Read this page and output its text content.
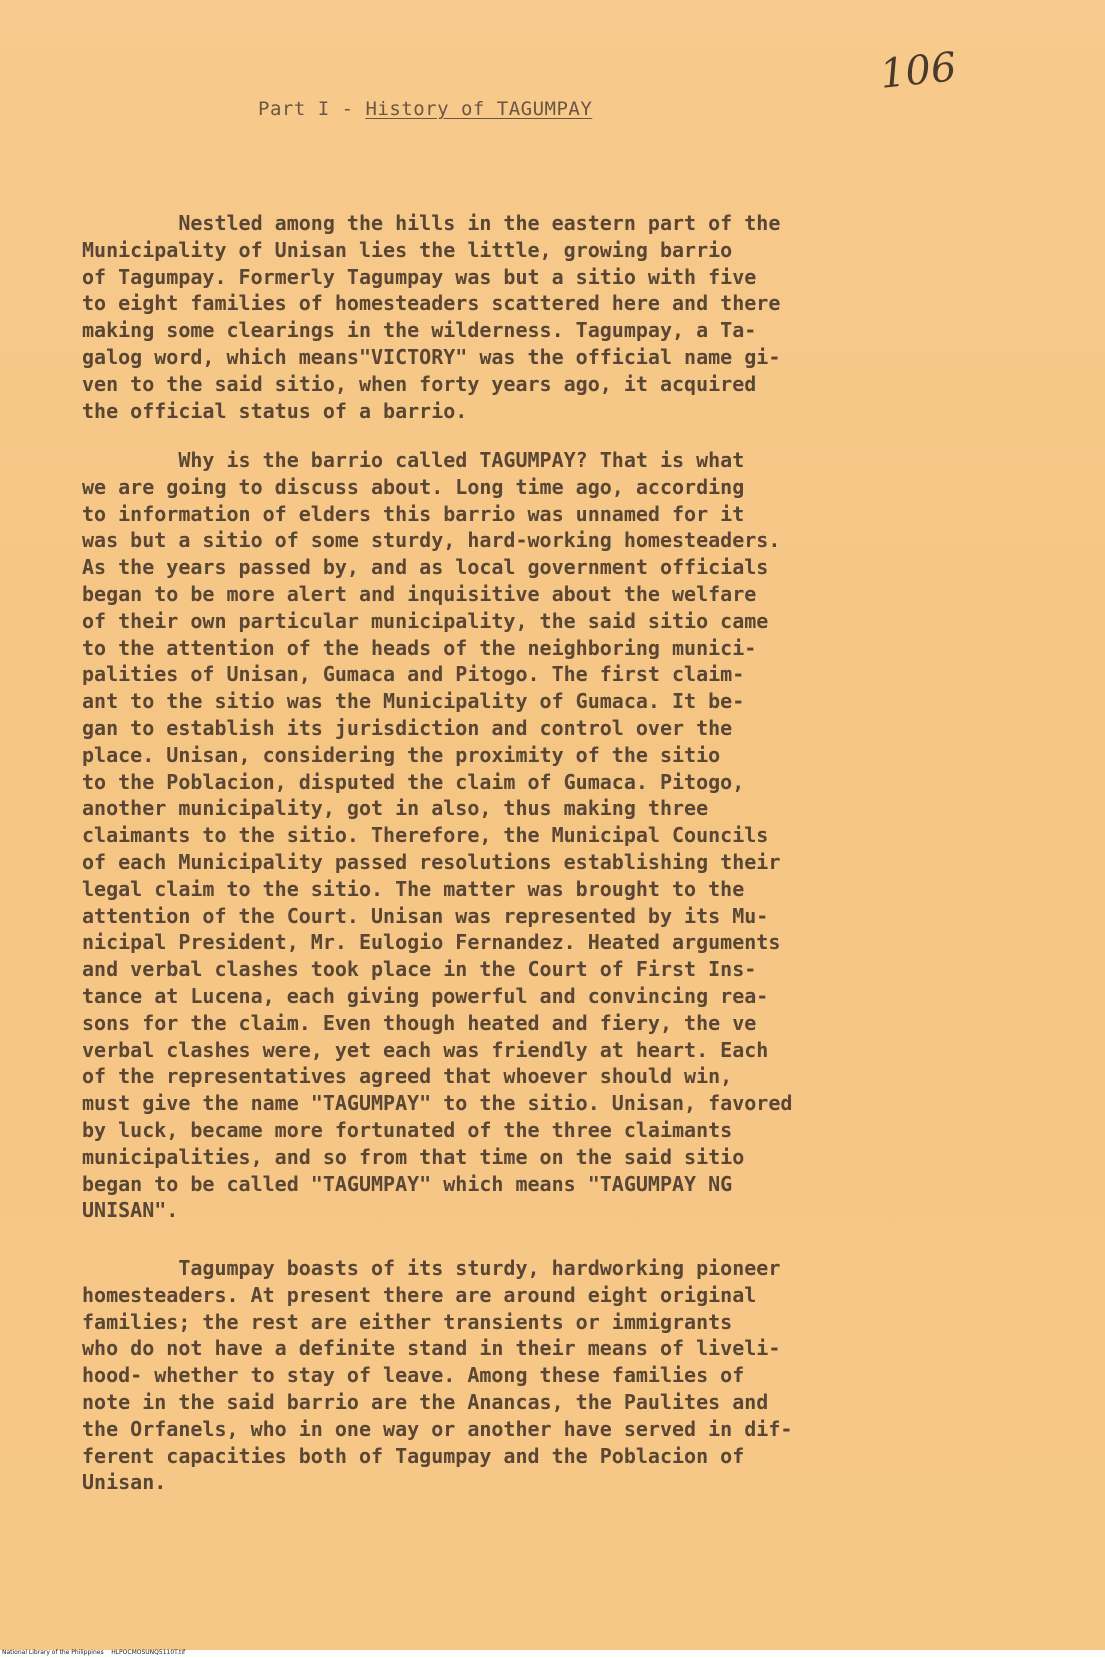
106
Part I - History of TAGUMPAY
Nestled among the hills in the eastern part of the
Municipality of Unisan lies the little, growing barrio
of Tagumpay. Formerly Tagumpay was but a sitio with five
to eight families of homesteaders scattered here and there
making some clearings in the wilderness. Tagumpay, a Ta-
galog word, which means"VICTORY" was the official name gi-
ven to the said sitio, when forty years ago, it acquired
the official status of a barrio.
Why is the barrio called TAGUMPAY? That is what
we are going to discuss about. Long time ago, according
to information of elders this barrio was unnamed for it
was but a sitio of some sturdy, hard-working homesteaders.
As the years passed by, and as local government officials
began to be more alert and inquisitive about the welfare
of their own particular municipality, the said sitio came
to the attention of the heads of the neighboring munici-
palities of Unisan, Gumaca and Pitogo. The first claim-
ant to the sitio was the Municipality of Gumaca. It be-
gan to establish its jurisdiction and control over the
place. Unisan, considering the proximity of the sitio
to the Poblacion, disputed the claim of Gumaca. Pitogo,
another municipality, got in also, thus making three
claimants to the sitio. Therefore, the Municipal Councils
of each Municipality passed resolutions establishing their
legal claim to the sitio. The matter was brought to the
attention of the Court. Unisan was represented by its Mu-
nicipal President, Mr. Eulogio Fernandez. Heated arguments
and verbal clashes took place in the Court of First Ins-
tance at Lucena, each giving powerful and convincing rea-
sons for the claim. Even though heated and fiery, the ve
verbal clashes were, yet each was friendly at heart. Each
of the representatives agreed that whoever should win,
must give the name "TAGUMPAY" to the sitio. Unisan, favored
by luck, became more fortunated of the three claimants
municipalities, and so from that time on the said sitio
began to be called "TAGUMPAY" which means "TAGUMPAY NG
UNISAN".
Tagumpay boasts of its sturdy, hardworking pioneer
homesteaders. At present there are around eight original
families; the rest are either transients or immigrants
who do not have a definite stand in their means of liveli-
hood- whether to stay of leave. Among these families of
note in the said barrio are the Anancas, the Paulites and
the Orfanels, who in one way or another have served in dif-
ferent capacities both of Tagumpay and the Poblacion of
Unisan.
National Library of the Philippines    HLPOCMOSUNQ5110T.tif
